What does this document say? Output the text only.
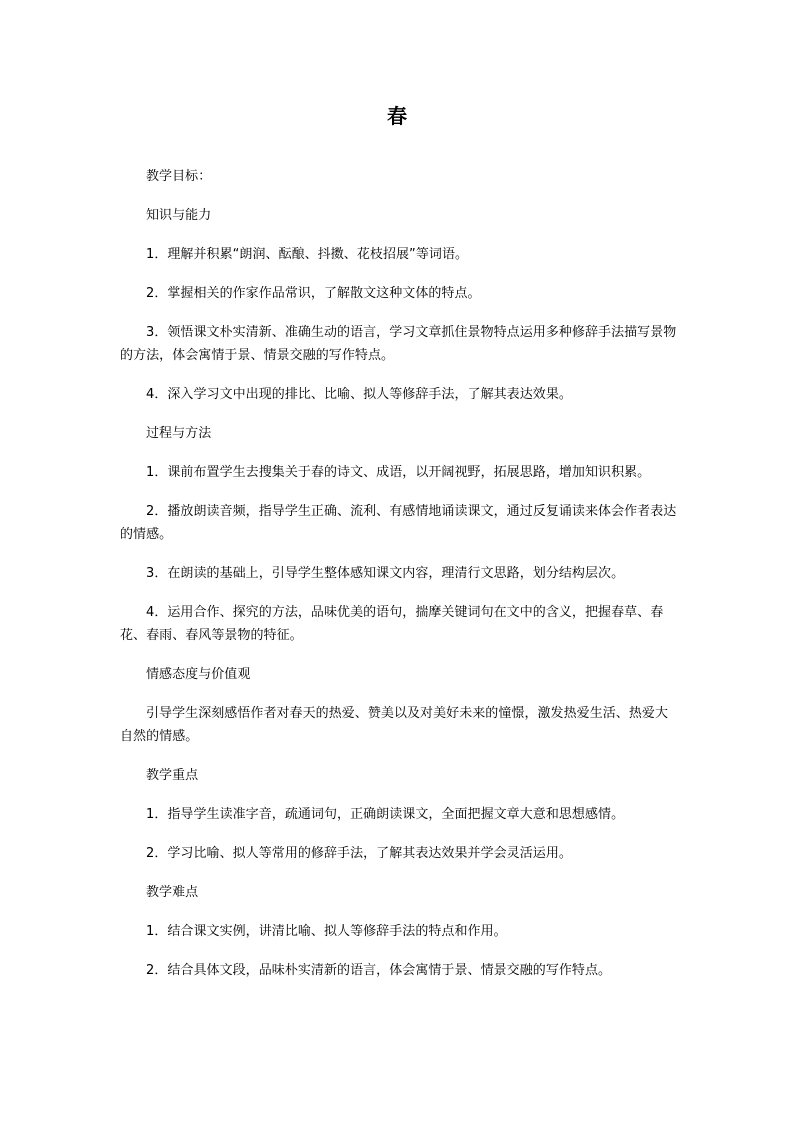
春

教学目标：

知识与能力

1．理解并积累“朗润、酝酿、抖擞、花枝招展”等词语。

2．掌握相关的作家作品常识，了解散文这种文体的特点。

3．领悟课文朴实清新、准确生动的语言，学习文章抓住景物特点运用多种修辞手法描写景物的方法，体会寓情于景、情景交融的写作特点。

4．深入学习文中出现的排比、比喻、拟人等修辞手法，了解其表达效果。

过程与方法

1．课前布置学生去搜集关于春的诗文、成语，以开阔视野，拓展思路，增加知识积累。

2．播放朗读音频，指导学生正确、流利、有感情地诵读课文，通过反复诵读来体会作者表达的情感。

3．在朗读的基础上，引导学生整体感知课文内容，理清行文思路，划分结构层次。

4．运用合作、探究的方法，品味优美的语句，揣摩关键词句在文中的含义，把握春草、春花、春雨、春风等景物的特征。

情感态度与价值观

引导学生深刻感悟作者对春天的热爱、赞美以及对美好未来的憧憬，激发热爱生活、热爱大自然的情感。

教学重点

1．指导学生读准字音，疏通词句，正确朗读课文，全面把握文章大意和思想感情。

2．学习比喻、拟人等常用的修辞手法，了解其表达效果并学会灵活运用。

教学难点

1．结合课文实例，讲清比喻、拟人等修辞手法的特点和作用。

2．结合具体文段，品味朴实清新的语言，体会寓情于景、情景交融的写作特点。
